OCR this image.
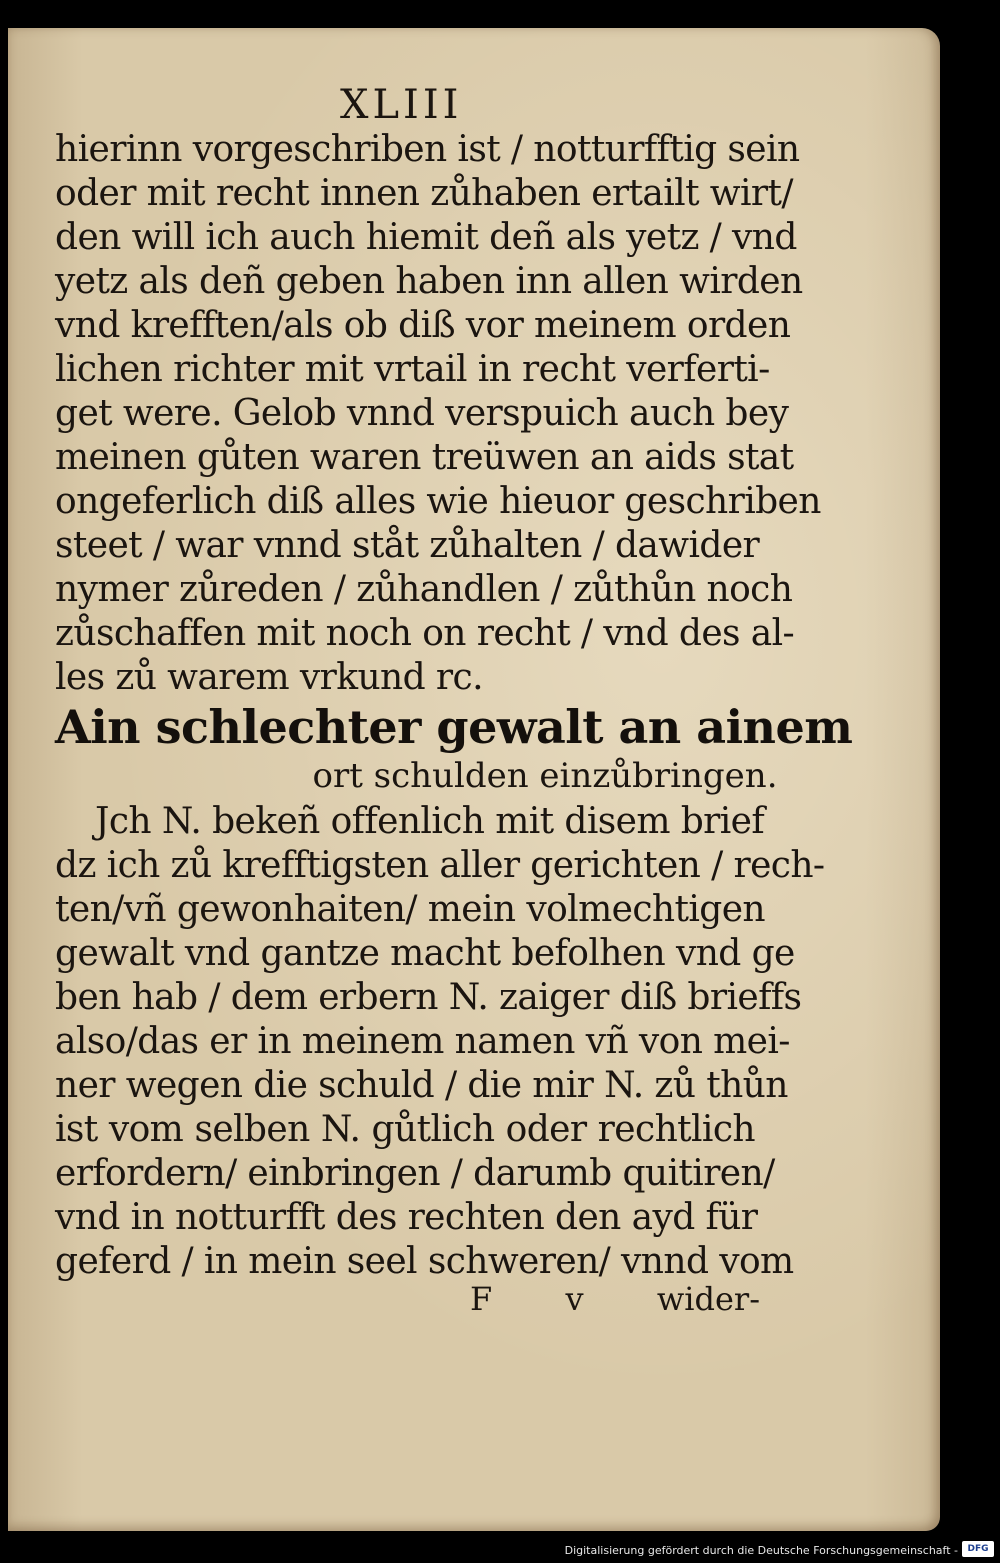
XLIII
hierinn vorgeschriben ist / notturfftig sein
oder mit recht innen zůhaben ertailt wirt/
den will ich auch hiemit deñ als yetz / vnd
yetz als deñ geben haben inn allen wirden
vnd krefften/als ob diß vor meinem orden
lichen richter mit vrtail in recht verferti-
get were. Gelob vnnd verspuich auch bey
meinen gůten waren treüwen an aids stat
ongeferlich diß alles wie hieuor geschriben
steet / war vnnd ståt zůhalten / dawider
nymer zůreden / zůhandlen / zůthůn noch
zůschaffen mit noch on recht / vnd des al-
les zů warem vrkund rc.
Ain schlechter gewalt an ainem
ort schulden einzůbringen.
Jch N. bekeñ offenlich mit disem brief
dz ich zů krefftigsten aller gerichten / rech-
ten/vñ gewonhaiten/ mein volmechtigen
gewalt vnd gantze macht befolhen vnd ge
ben hab / dem erbern N. zaiger diß brieffs
also/das er in meinem namen vñ von mei-
ner wegen die schuld / die mir N. zů thůn
ist vom selben N. gůtlich oder rechtlich
erfordern/ einbringen / darumb quitiren/
vnd in notturfft des rechten den ayd für
geferd / in mein seel schweren/ vnnd vom
F v wider-
Digitalisierung gefördert durch die Deutsche Forschungsgemeinschaft -	DFG
